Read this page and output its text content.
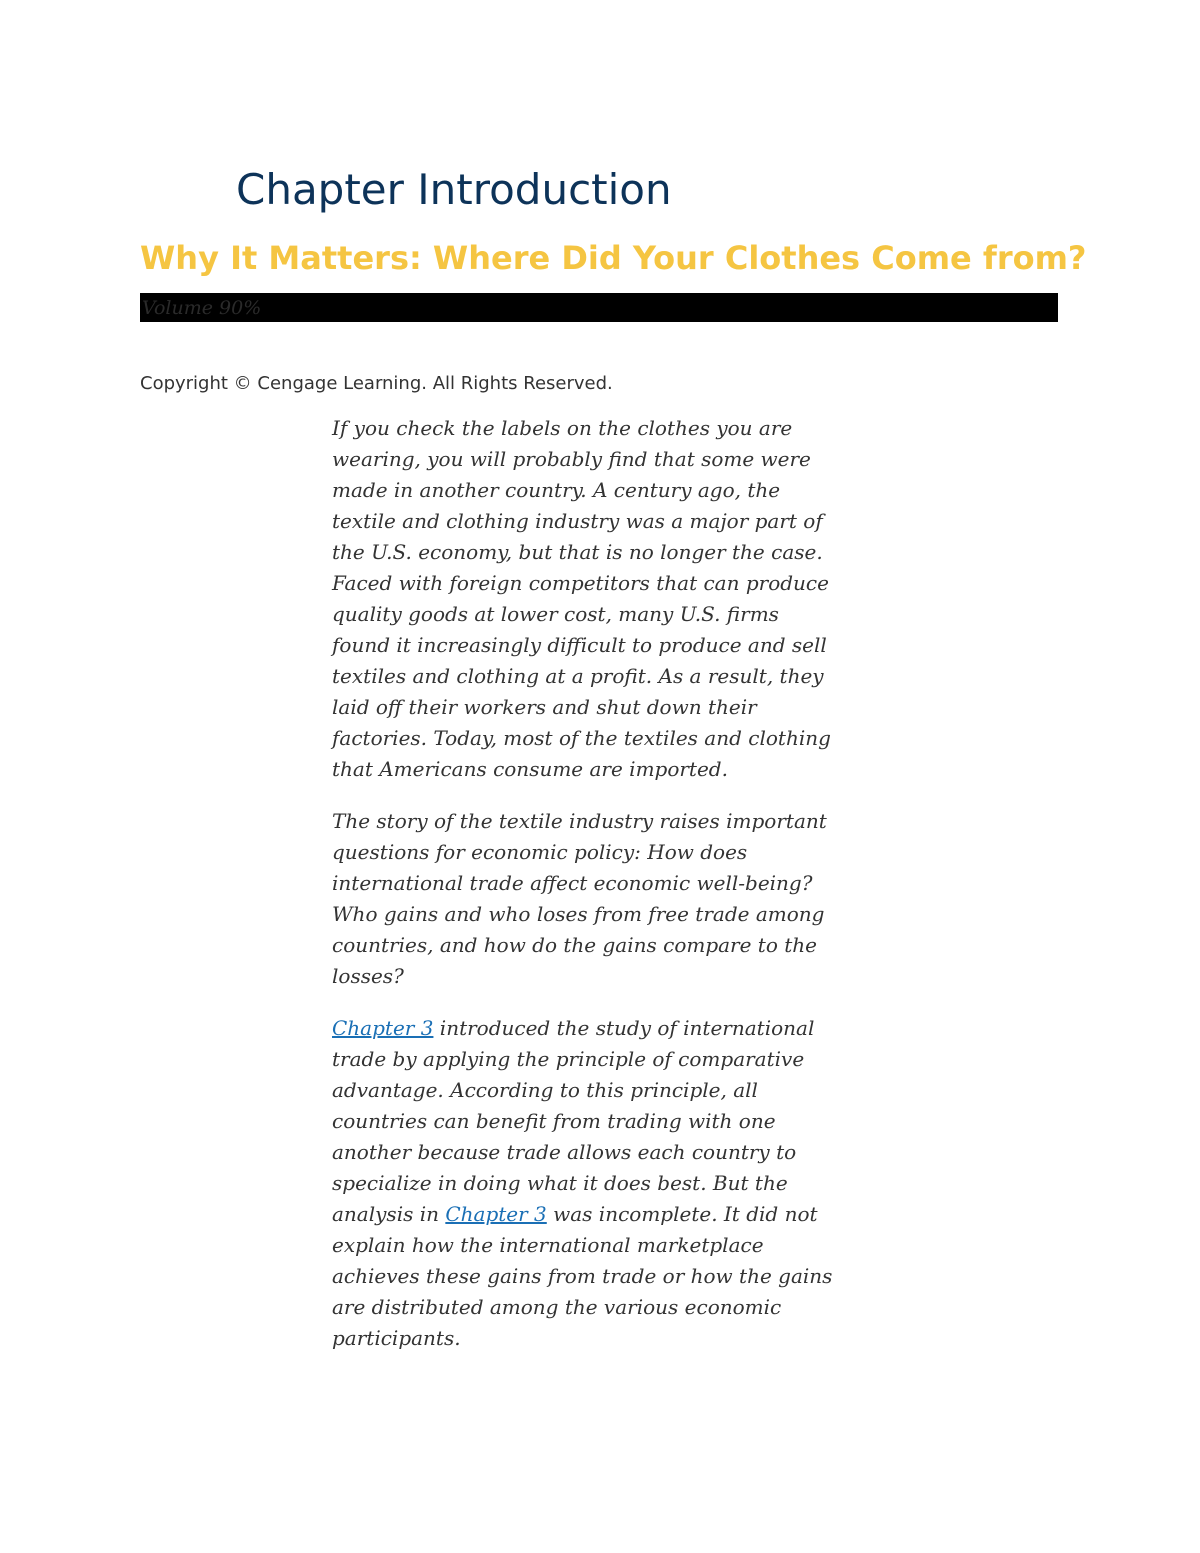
Chapter Introduction
Why It Matters: Where Did Your Clothes Come from?
Volume 90%

Copyright © Cengage Learning. All Rights Reserved.

If you check the labels on the clothes you are
wearing, you will probably find that some were
made in another country. A century ago, the
textile and clothing industry was a major part of
the U.S. economy, but that is no longer the case.
Faced with foreign competitors that can produce
quality goods at lower cost, many U.S. firms
found it increasingly difficult to produce and sell
textiles and clothing at a profit. As a result, they
laid off their workers and shut down their
factories. Today, most of the textiles and clothing
that Americans consume are imported.

The story of the textile industry raises important
questions for economic policy: How does
international trade affect economic well-being?
Who gains and who loses from free trade among
countries, and how do the gains compare to the
losses?

Chapter 3 introduced the study of international
trade by applying the principle of comparative
advantage. According to this principle, all
countries can benefit from trading with one
another because trade allows each country to
specialize in doing what it does best. But the
analysis in Chapter 3 was incomplete. It did not
explain how the international marketplace
achieves these gains from trade or how the gains
are distributed among the various economic
participants.
